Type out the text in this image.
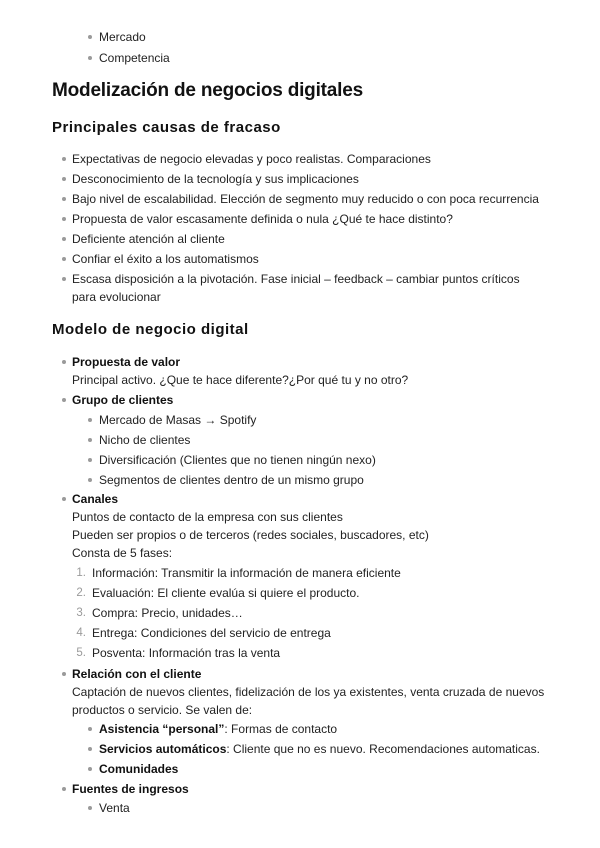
Mercado
Competencia
Modelización de negocios digitales
Principales causas de fracaso
Expectativas de negocio elevadas y poco realistas. Comparaciones
Desconocimiento de la tecnología y sus implicaciones
Bajo nivel de escalabilidad. Elección de segmento muy reducido o con poca recurrencia
Propuesta de valor escasamente definida o nula ¿Qué te hace distinto?
Deficiente atención al cliente
Confiar el éxito a los automatismos
Escasa disposición a la pivotación. Fase inicial – feedback – cambiar puntos críticos
para evolucionar
Modelo de negocio digital
Propuesta de valor
Principal activo. ¿Que te hace diferente?¿Por qué tu y no otro?
Grupo de clientes
Mercado de Masas → Spotify
Nicho de clientes
Diversificación (Clientes que no tienen ningún nexo)
Segmentos de clientes dentro de un mismo grupo
Canales
Puntos de contacto de la empresa con sus clientes
Pueden ser propios o de terceros (redes sociales, buscadores, etc)
Consta de 5 fases:
1. Información: Transmitir la información de manera eficiente
2. Evaluación: El cliente evalúa si quiere el producto.
3. Compra: Precio, unidades…
4. Entrega: Condiciones del servicio de entrega
5. Posventa: Información tras la venta
Relación con el cliente
Captación de nuevos clientes, fidelización de los ya existentes, venta cruzada de nuevos
productos o servicio. Se valen de:
Asistencia “personal”: Formas de contacto
Servicios automáticos: Cliente que no es nuevo. Recomendaciones automaticas.
Comunidades
Fuentes de ingresos
Venta
